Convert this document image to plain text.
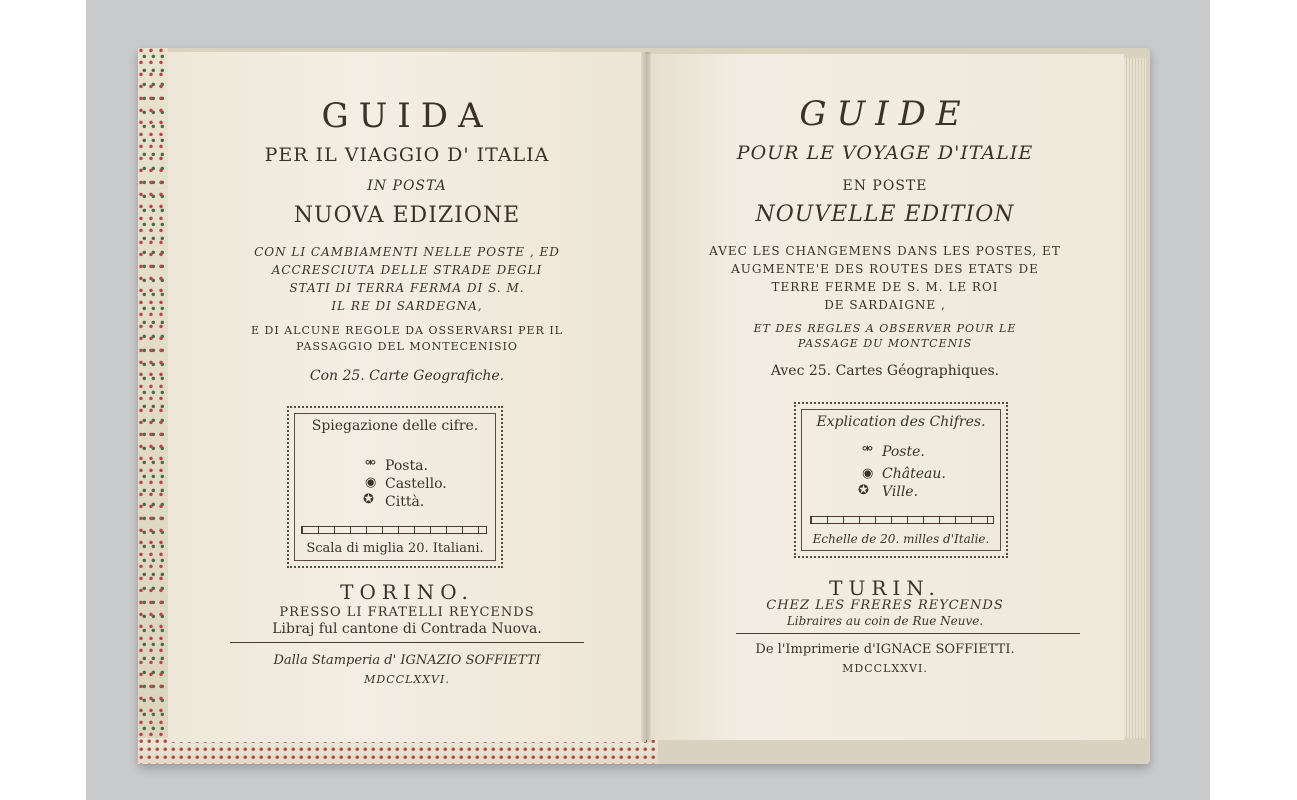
GUIDA
PER IL VIAGGIO D' ITALIA
IN POSTA
NUOVA EDIZIONE
CON LI CAMBIAMENTI NELLE POSTE , ED
ACCRESCIUTA DELLE STRADE DEGLI
STATI DI TERRA FERMA DI S. M.
IL RE DI SARDEGNA,
E DI ALCUNE REGOLE DA OSSERVARSI PER IL
PASSAGGIO DEL MONTECENISIO
Con 25. Carte Geografiche.
Spiegazione delle cifre.
⚮ Posta.
◉ Castello.
✪ Città.
Scala di miglia 20. Italiani.
TORINO.
PRESSO LI FRATELLI REYCENDS
Libraj ful cantone di Contrada Nuova.
Dalla Stamperia d' IGNAZIO SOFFIETTI
MDCCLXXVI.
GUIDE
POUR LE VOYAGE D'ITALIE
EN POSTE
NOUVELLE EDITION
AVEC LES CHANGEMENS DANS LES POSTES, ET
AUGMENTE'E DES ROUTES DES ETATS DE
TERRE FERME DE S. M. LE ROI
DE SARDAIGNE ,
ET DES REGLES A OBSERVER POUR LE
PASSAGE DU MONTCENIS
Avec 25. Cartes Géographiques.
Explication des Chifres.
⚮ Poste.
◉ Château.
✪ Ville.
Echelle de 20. milles d'Italie.
TURIN.
CHEZ LES FRERES REYCENDS
Libraires au coin de Rue Neuve.
De l'Imprimerie d'IGNACE SOFFIETTI.
MDCCLXXVI.
